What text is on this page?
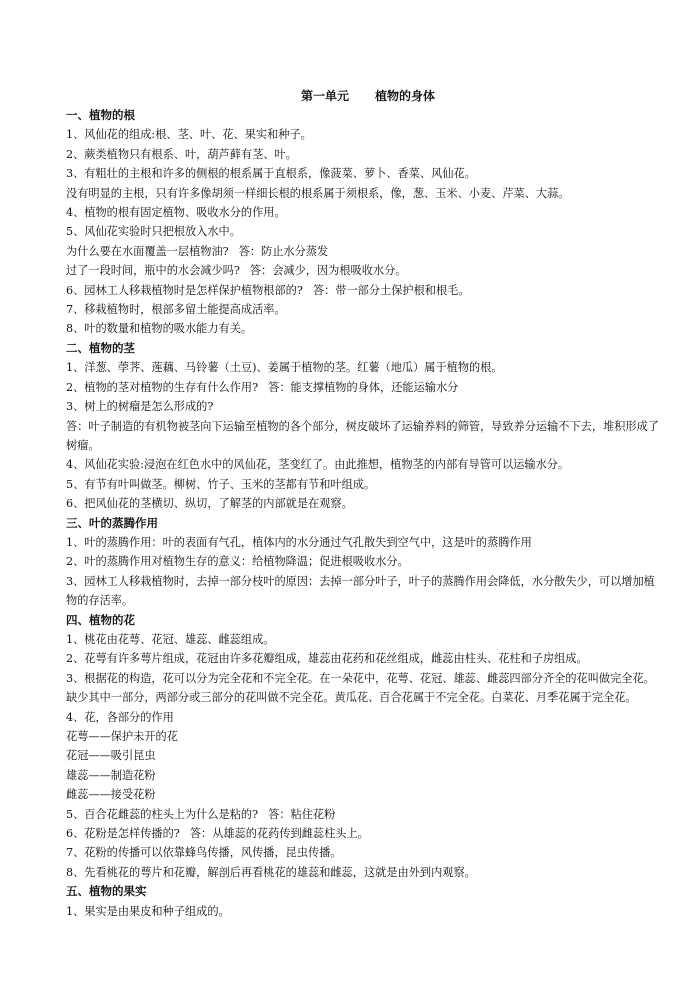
第一单元 植物的身体
一、植物的根
1、风仙花的组成:根、茎、叶、花、果实和种子。
2、蕨类植物只有根系、叶，葫芦藓有茎、叶。
3、有粗壮的主根和许多的侧根的根系属于直根系，像菠菜、萝卜、香菜、风仙花。
没有明显的主根，只有许多像胡须一样细长根的根系属于须根系，像，葱、玉米、小麦、芹菜、大蒜。
4、植物的根有固定植物、吸收水分的作用。
5、风仙花实验时只把根放入水中。
为什么要在水面覆盖一层植物油? 答：防止水分蒸发
过了一段时间，瓶中的水会减少吗? 答：会减少，因为根吸收水分。
6、园林工人移栽植物时是怎样保护植物根部的? 答：带一部分土保护根和根毛。
7、移栽植物时，根部多留土能提高成活率。
8、叶的数量和植物的吸水能力有关。
二、植物的茎
1、洋葱、荸荠、莲藕、马铃薯（土豆)、姜属于植物的茎。红薯（地瓜）属于植物的根。
2、植物的茎对植物的生存有什么作用? 答：能支撑植物的身体，还能运输水分
3、树上的树瘤是怎么形成的?
答：叶子制造的有机物被茎向下运输至植物的各个部分，树皮破坏了运输养料的筛管，导致养分运输不下去，堆积形成了树瘤。
4、风仙花实验:浸泡在红色水中的风仙花，茎变红了。由此推想，植物茎的内部有导管可以运输水分。
5、有节有叶叫做茎。柳树、竹子、玉米的茎都有节和叶组成。
6、把风仙花的茎横切、纵切，了解茎的内部就是在观察。
三、叶的蒸腾作用
1、叶的蒸腾作用：叶的表面有气孔，植体内的水分通过气孔散失到空气中，这是叶的蒸腾作用
2、叶的蒸腾作用对植物生存的意义：给植物降温；促进根吸收水分。
3、园林工人移栽植物时，去掉一部分枝叶的原因：去掉一部分叶子，叶子的蒸腾作用会降低，水分散失少，可以增加植物的存活率。
四、植物的花
1、桃花由花萼、花冠、雄蕊、雌蕊组成。
2、花萼有许多萼片组成，花冠由许多花瓣组成，雄蕊由花药和花丝组成，雌蕊由柱头、花柱和子房组成。
3、根据花的构造，花可以分为完全花和不完全花。在一朵花中，花萼、花冠、雄蕊、雌蕊四部分齐全的花叫做完全花。缺少其中一部分，两部分或三部分的花叫做不完全花。黄瓜花、百合花属于不完全花。白菜花、月季花属于完全花。
4、花，各部分的作用
花萼——保护未开的花
花冠——吸引昆虫
雄蕊——制造花粉
雌蕊——接受花粉
5、百合花雌蕊的柱头上为什么是粘的? 答：粘住花粉
6、花粉是怎样传播的? 答：从雄蕊的花药传到雌蕊柱头上。
7、花粉的传播可以依靠蜂鸟传播，风传播，昆虫传播。
8、先看桃花的萼片和花瓣，解剖后再看桃花的雄蕊和雌蕊，这就是由外到内观察。
五、植物的果实
1、果实是由果皮和种子组成的。
